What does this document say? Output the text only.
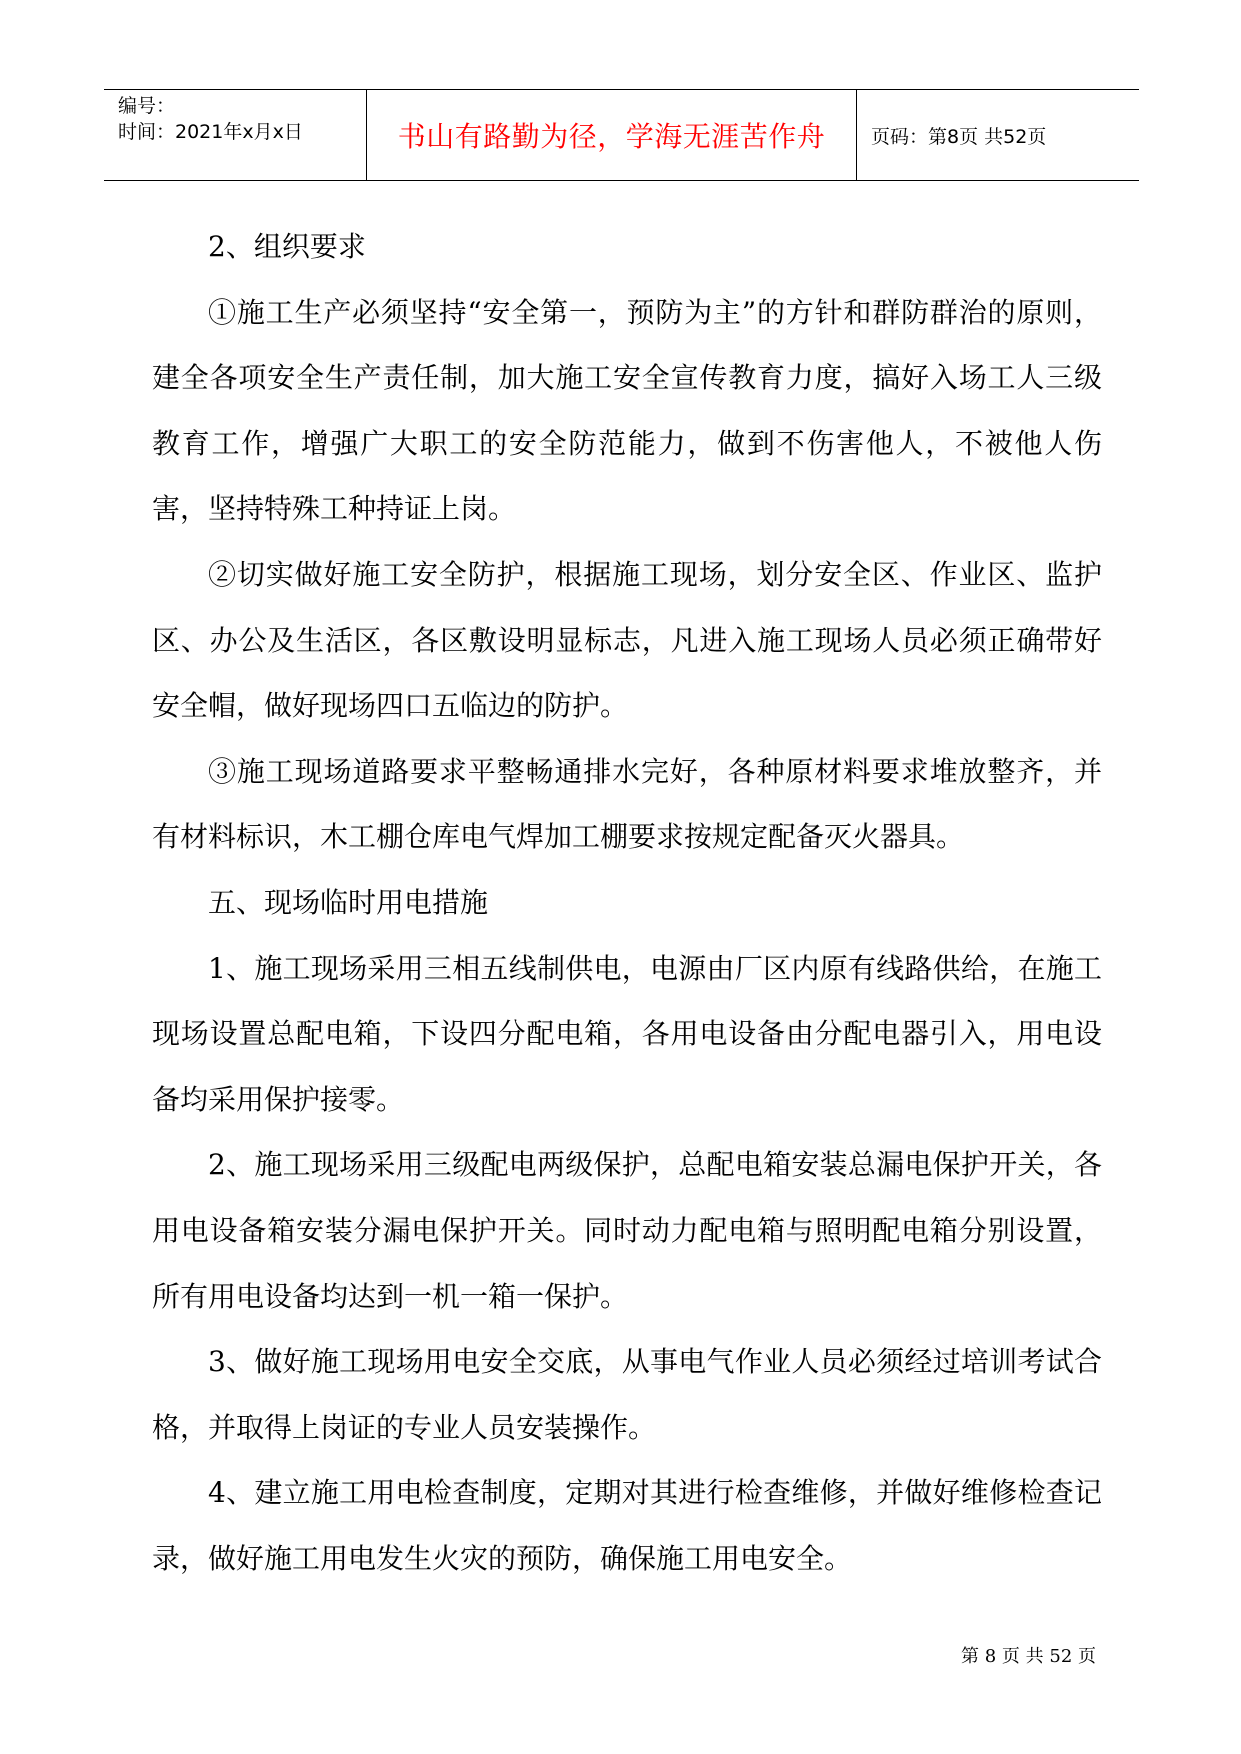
编号：
时间：2021年x月x日	书山有路勤为径，学海无涯苦作舟	页码：第8页 共52页

2、组织要求

①施工生产必须坚持“安全第一，预防为主”的方针和群防群治的原则，建全各项安全生产责任制，加大施工安全宣传教育力度，搞好入场工人三级教育工作，增强广大职工的安全防范能力，做到不伤害他人，不被他人伤害，坚持特殊工种持证上岗。

②切实做好施工安全防护，根据施工现场，划分安全区、作业区、监护区、办公及生活区，各区敷设明显标志，凡进入施工现场人员必须正确带好安全帽，做好现场四口五临边的防护。

③施工现场道路要求平整畅通排水完好，各种原材料要求堆放整齐，并有材料标识，木工棚仓库电气焊加工棚要求按规定配备灭火器具。

五、现场临时用电措施

1、施工现场采用三相五线制供电，电源由厂区内原有线路供给，在施工现场设置总配电箱，下设四分配电箱，各用电设备由分配电器引入，用电设备均采用保护接零。

2、施工现场采用三级配电两级保护，总配电箱安装总漏电保护开关，各用电设备箱安装分漏电保护开关。同时动力配电箱与照明配电箱分别设置，所有用电设备均达到一机一箱一保护。

3、做好施工现场用电安全交底，从事电气作业人员必须经过培训考试合格，并取得上岗证的专业人员安装操作。

4、建立施工用电检查制度，定期对其进行检查维修，并做好维修检查记录，做好施工用电发生火灾的预防，确保施工用电安全。

第 8 页 共 52 页
